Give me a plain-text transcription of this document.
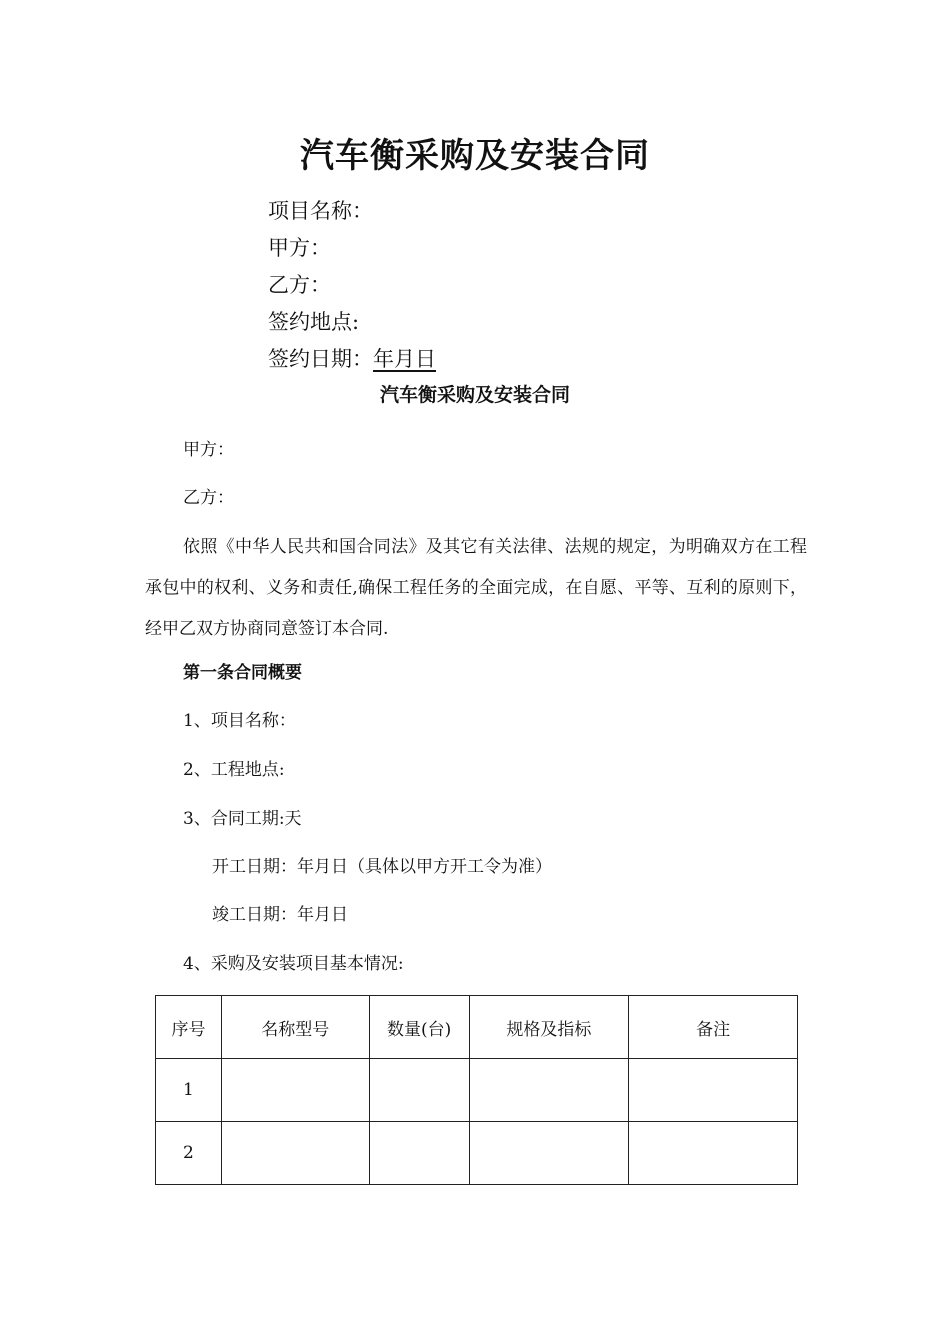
汽车衡采购及安装合同
项目名称：
甲方：
乙方：
签约地点:
签约日期：年月日
汽车衡采购及安装合同
甲方：
乙方：
依照《中华人民共和国合同法》及其它有关法律、法规的规定，为明确双方在工程承包中的权利、义务和责任,确保工程任务的全面完成，在自愿、平等、互利的原则下，经甲乙双方协商同意签订本合同.
第一条合同概要
1、项目名称：
2、工程地点:
3、合同工期:天
开工日期：年月日（具体以甲方开工令为准）
竣工日期：年月日
4、采购及安装项目基本情况:
序号	名称型号	数量(台)	规格及指标	备注
1				
2				
